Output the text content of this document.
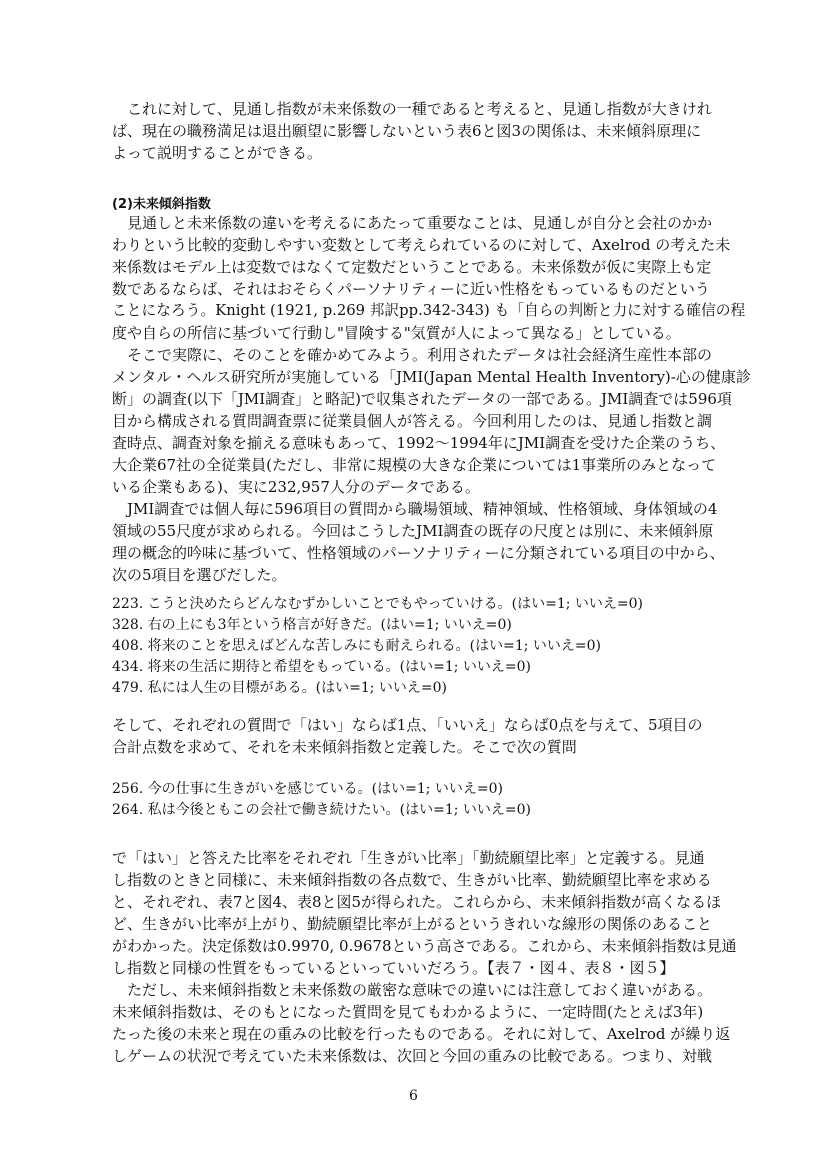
これに対して、見通し指数が未来係数の一種であると考えると、見通し指数が大きけれ
ば、現在の職務満足は退出願望に影響しないという表6と図3の関係は、未来傾斜原理に
よって説明することができる。
(2)未来傾斜指数
見通しと未来係数の違いを考えるにあたって重要なことは、見通しが自分と会社のかか
わりという比較的変動しやすい変数として考えられているのに対して、Axelrod の考えた未
来係数はモデル上は変数ではなくて定数だということである。未来係数が仮に実際上も定
数であるならば、それはおそらくパーソナリティーに近い性格をもっているものだという
ことになろう。Knight (1921, p.269 邦訳pp.342-343) も「自らの判断と力に対する確信の程
度や自らの所信に基づいて行動し"冒険する"気質が人によって異なる」としている。
そこで実際に、そのことを確かめてみよう。利用されたデータは社会経済生産性本部の
メンタル・ヘルス研究所が実施している「JMI(Japan Mental Health Inventory)-心の健康診
断」の調査(以下「JMI調査」と略記)で収集されたデータの一部である。JMI調査では596項
目から構成される質問調査票に従業員個人が答える。今回利用したのは、見通し指数と調
査時点、調査対象を揃える意味もあって、1992～1994年にJMI調査を受けた企業のうち、
大企業67社の全従業員(ただし、非常に規模の大きな企業については1事業所のみとなって
いる企業もある)、実に232,957人分のデータである。
JMI調査では個人毎に596項目の質問から職場領域、精神領域、性格領域、身体領域の4
領域の55尺度が求められる。今回はこうしたJMI調査の既存の尺度とは別に、未来傾斜原
理の概念的吟味に基づいて、性格領域のパーソナリティーに分類されている項目の中から、
次の5項目を選びだした。
223. こうと決めたらどんなむずかしいことでもやっていける。(はい=1; いいえ=0)
328. 右の上にも3年という格言が好きだ。(はい=1; いいえ=0)
408. 将来のことを思えばどんな苦しみにも耐えられる。(はい=1; いいえ=0)
434. 将来の生活に期待と希望をもっている。(はい=1; いいえ=0)
479. 私には人生の目標がある。(はい=1; いいえ=0)
そして、それぞれの質問で「はい」ならば1点、「いいえ」ならば0点を与えて、5項目の
合計点数を求めて、それを未来傾斜指数と定義した。そこで次の質問
256. 今の仕事に生きがいを感じている。(はい=1; いいえ=0)
264. 私は今後ともこの会社で働き続けたい。(はい=1; いいえ=0)
で「はい」と答えた比率をそれぞれ「生きがい比率」「勤続願望比率」と定義する。見通
し指数のときと同様に、未来傾斜指数の各点数で、生きがい比率、勤続願望比率を求める
と、それぞれ、表7と図4、表8と図5が得られた。これらから、未来傾斜指数が高くなるほ
ど、生きがい比率が上がり、勤続願望比率が上がるというきれいな線形の関係のあること
がわかった。決定係数は0.9970, 0.9678という高さである。これから、未来傾斜指数は見通
し指数と同様の性質をもっているといっていいだろう。【表７・図４、表８・図５】
ただし、未来傾斜指数と未来係数の厳密な意味での違いには注意しておく違いがある。
未来傾斜指数は、そのもとになった質問を見てもわかるように、一定時間(たとえば3年)
たった後の未来と現在の重みの比較を行ったものである。それに対して、Axelrod が繰り返
しゲームの状況で考えていた未来係数は、次回と今回の重みの比較である。つまり、対戦
6
